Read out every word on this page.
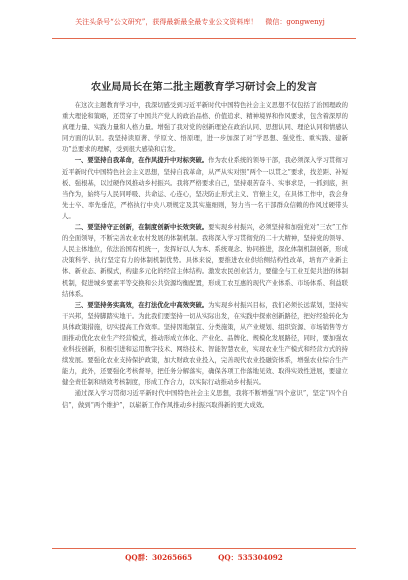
关注头条号“公文研究”，获得最新最全最专业公文资料库！ 微信：gongwenyj
农业局局长在第二批主题教育学习研讨会上的发言

在这次主题教育学习中，我深切感受到习近平新时代中国特色社会主义思想不仅包括了治国理政的重大理论和策略，还贯穿了中国共产党人的政治品格、价值追求、精神境界和作风要求，包含着深厚的真理力量、实践力量和人格力量。增强了我对党的创新理论在政治认同、思想认同、理论认同和情感认同方面的认识。我坚持读原著、学原文、悟原理，进一步加深了对“学思想、强党性、重实践、建新功”总要求的理解，受到很大感染和启发。

一、要坚持自我革命，在作风提升中对标突破。作为农业系统的领导干部，我必须深入学习贯彻习近平新时代中国特色社会主义思想，坚持自我革命，从严从实对照“两个一以贯之”要求，找差距、补短板、强根基，以过硬作风推动乡村振兴。我将严格要求自己，坚持艰苦奋斗、实事求是，一抓到底，担当作为，始终与人民同呼吸、共命运、心连心，坚决防止形式主义、官僚主义，在具体工作中，我会身先士卒、率先垂范，严格执行中央八项规定及其实施细则，努力当一名干部群众信赖的作风过硬带头人。

二、要坚持守正创新，在制度创新中长效突破。要实现乡村振兴，必须坚持和加强党对“三农”工作的全面领导，不断完善农业农村发展的体制机制。我将深入学习贯彻党的二十大精神，坚持党的领导、人民主体地位，依法治国有机统一，发挥好以人为本、系统观念、协同推进，深化体制机制创新，形成决策科学、执行坚定有力的体制机制优势。具体来说，要推进农业供给侧结构性改革，培育产业新主体、新业态、新模式，构建多元化的经营主体结构。激发农民创业活力，要健全与工业互促共进的体制机制，促进城乡要素平等交换和公共资源均衡配置，形成工农互惠的现代产业体系、市场体系、利益联结体系。

三、要坚持务实高效，在打法优化中高效突破。为实现乡村振兴目标，我们必须长远谋划，坚持实干兴邦，坚持脚踏实地干。为此我们要坚持一切从实际出发，在实践中探索创新路径，把好经验转化为具体政策措施，切实提高工作效率。坚持因地制宜、分类施策，从产业规划、组织资源、市场销售等方面推动优化农业生产经营模式，推动形成立体化、产业化、品牌化、规模化发展路径，同时，要加强农业科技创新，积极引进和运用数字技术、网络技术、智能智慧农业，实现农业生产模式和经营方式的持续发展。要强化农业支持保护政策，加大财政农业投入，完善现代农业投融资体系，增强农业综合生产能力，此外，还要强化考核督导，把任务分解落实，确保各项工作落地见效、取得实效性进展，要建立健全责任制和绩效考核制度，形成工作合力，以实际行动推动乡村振兴。

通过深入学习贯彻习近平新时代中国特色社会主义思想，我将不断增强“四个意识”，坚定“四个自信”，做到“两个维护”，以崭新工作作风推动乡村振兴取得新的更大成效。

QQ群：30265665	QQ：535304092
